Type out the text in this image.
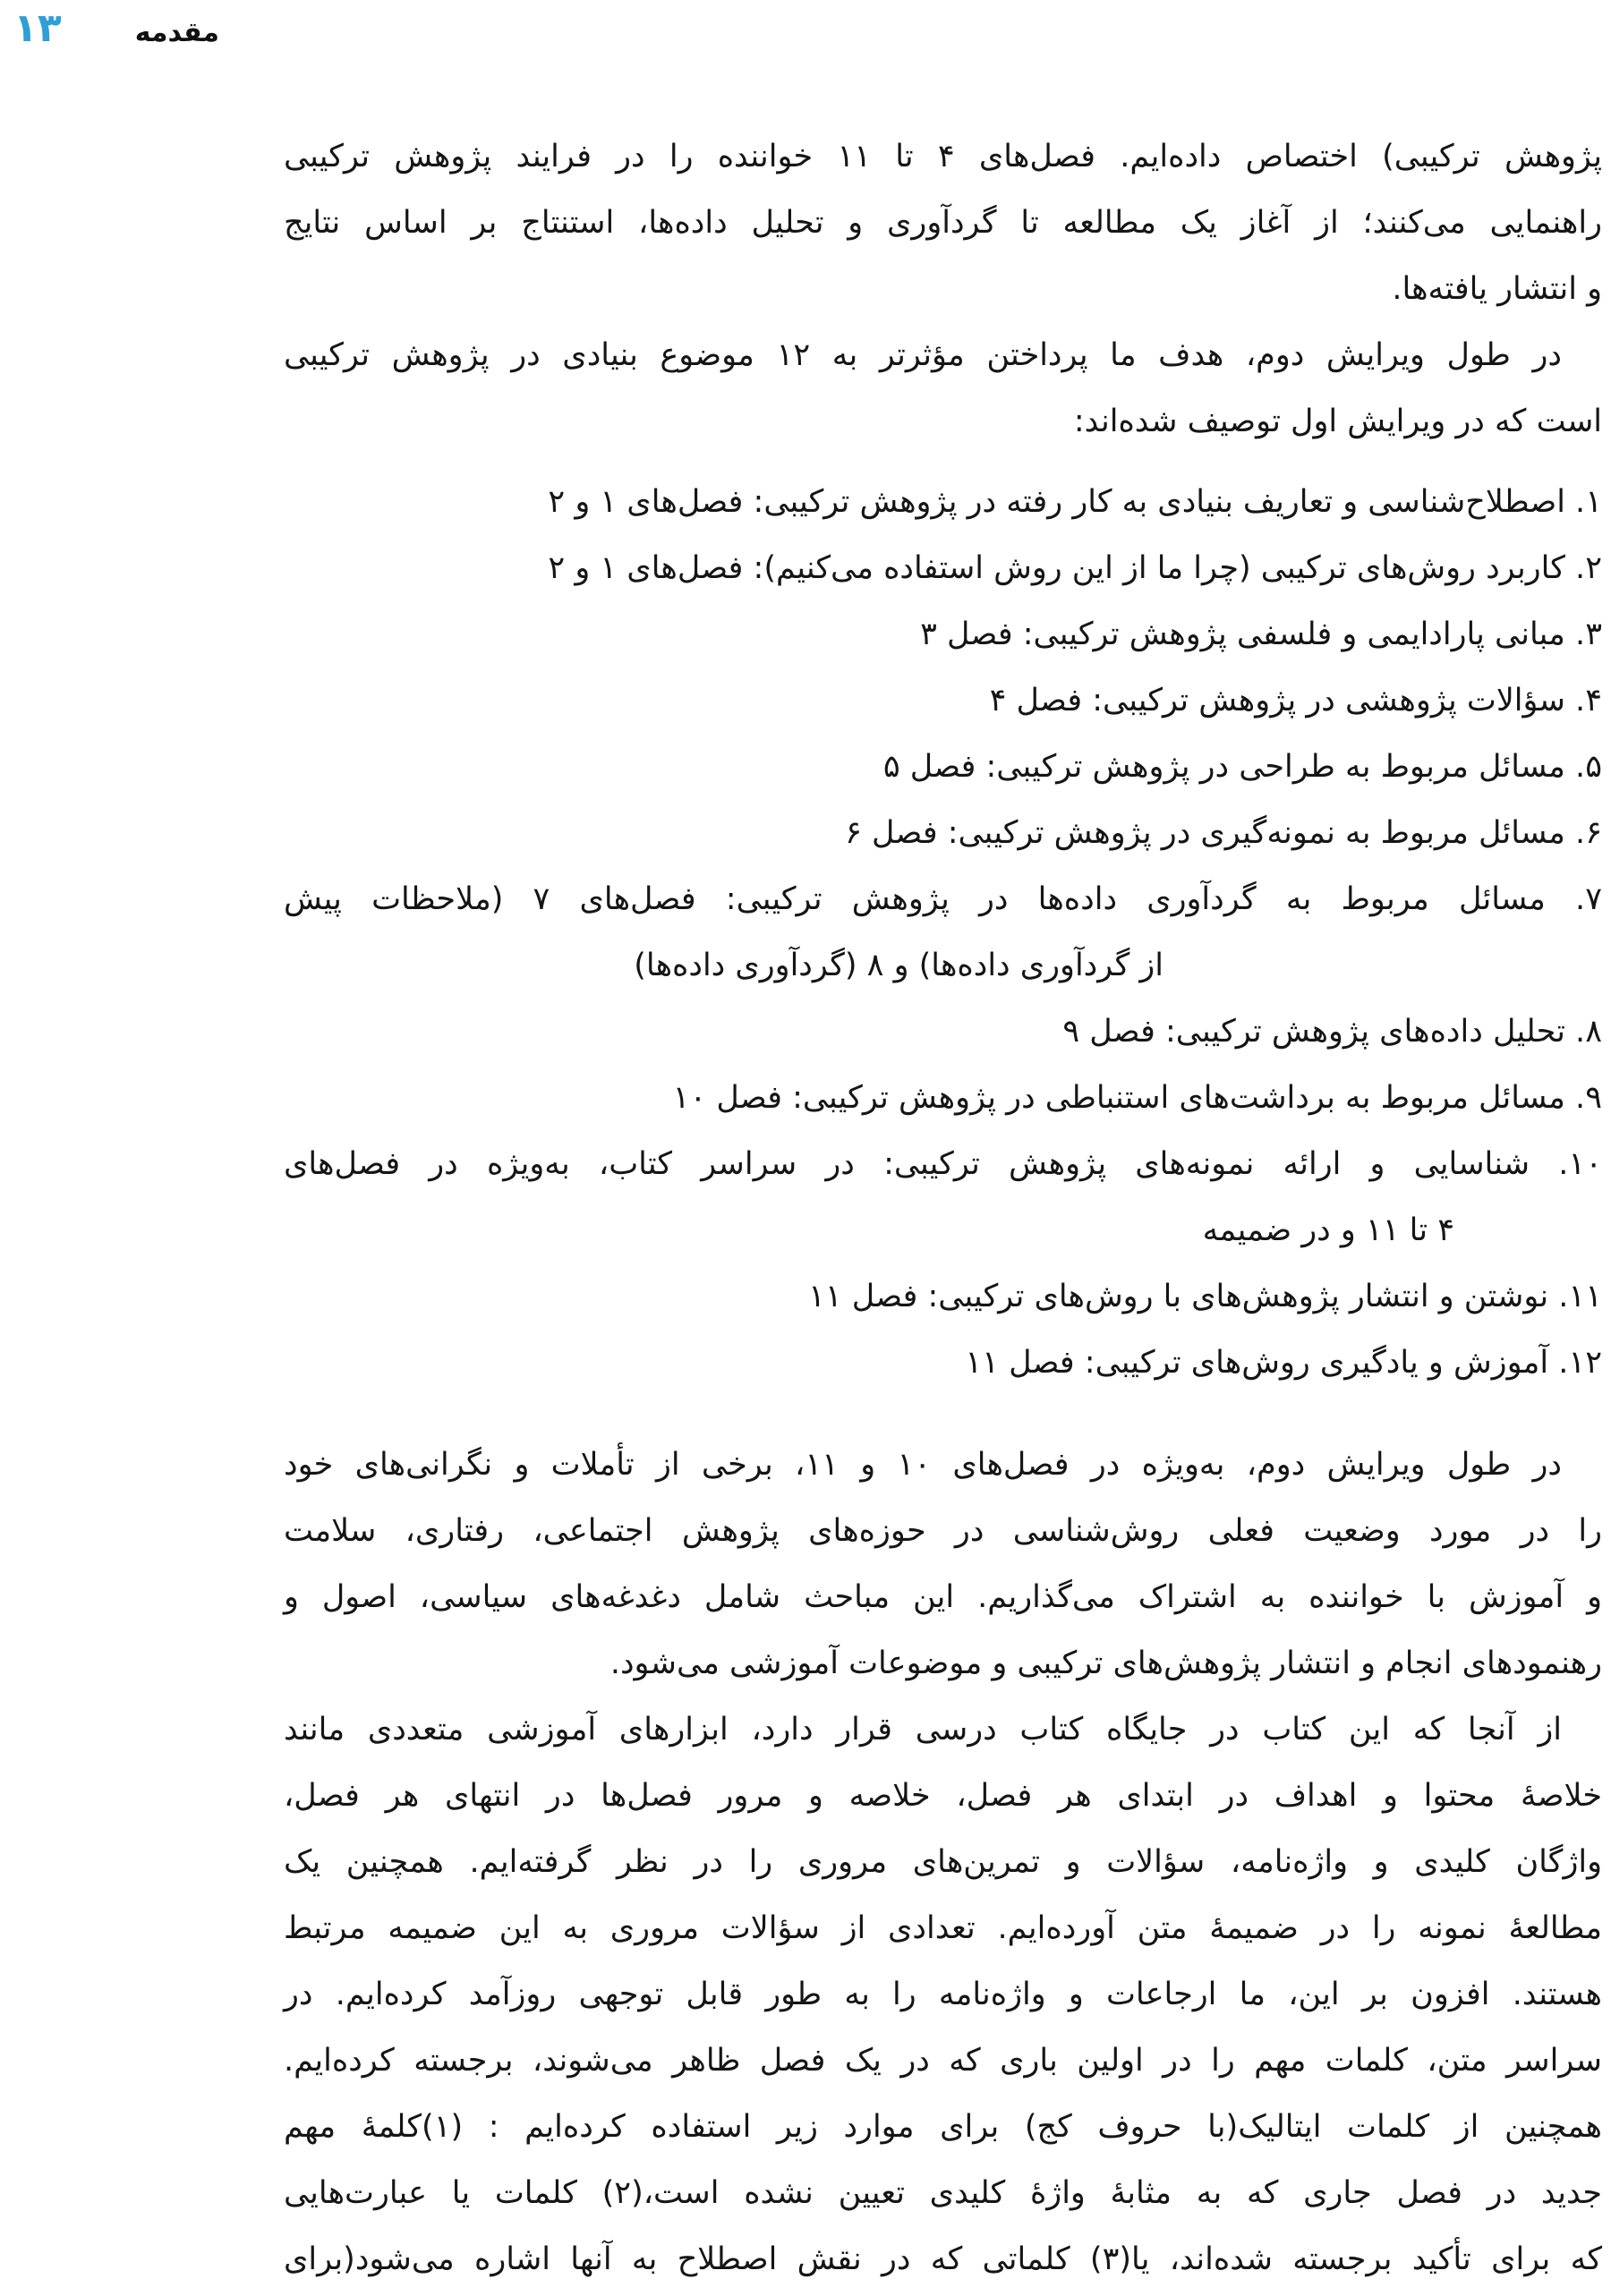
۱۳	مقدمه
پژوهش ترکیبی) اختصاص داده‌ایم. فصل‌های ۴ تا ۱۱ خواننده را در فرایند پژوهش ترکیبی
راهنمایی می‌کنند؛ از آغاز یک مطالعه تا گردآوری و تحلیل داده‌ها، استنتاج بر اساس نتایج
و انتشار یافته‌ها.
در طول ویرایش دوم، هدف ما پرداختن مؤثرتر به ۱۲ موضوع بنیادی در پژوهش ترکیبی
است که در ویرایش اول توصیف شده‌اند:
۱. اصطلاح‌شناسی و تعاریف بنیادی به کار رفته در پژوهش ترکیبی: فصل‌های ۱ و ۲
۲. کاربرد روش‌های ترکیبی (چرا ما از این روش استفاده می‌کنیم): فصل‌های ۱ و ۲
۳. مبانی پارادایمی و فلسفی پژوهش ترکیبی: فصل ۳
۴. سؤالات پژوهشی در پژوهش ترکیبی: فصل ۴
۵. مسائل مربوط به طراحی در پژوهش ترکیبی: فصل ۵
۶. مسائل مربوط به نمونه‌گیری در پژوهش ترکیبی: فصل ۶
۷. مسائل مربوط به گردآوری داده‌ها در پژوهش ترکیبی: فصل‌های ۷ (ملاحظات پیش
از گردآوری داده‌ها) و ۸ (گردآوری داده‌ها)
۸. تحلیل داده‌های پژوهش ترکیبی: فصل ۹
۹. مسائل مربوط به برداشت‌های استنباطی در پژوهش ترکیبی: فصل ۱۰
۱۰. شناسایی و ارائه نمونه‌های پژوهش ترکیبی: در سراسر کتاب، به‌ویژه در فصل‌های
۴ تا ۱۱ و در ضمیمه
۱۱. نوشتن و انتشار پژوهش‌های با روش‌های ترکیبی: فصل ۱۱
۱۲. آموزش و یادگیری روش‌های ترکیبی: فصل ۱۱
در طول ویرایش دوم، به‌ویژه در فصل‌های ۱۰ و ۱۱، برخی از تأملات و نگرانی‌های خود
را در مورد وضعیت فعلی روش‌شناسی در حوزه‌های پژوهش اجتماعی، رفتاری، سلامت
و آموزش با خواننده به اشتراک می‌گذاریم. این مباحث شامل دغدغه‌های سیاسی، اصول و
رهنمودهای انجام و انتشار پژوهش‌های ترکیبی و موضوعات آموزشی می‌شود.
از آنجا که این کتاب در جایگاه کتاب درسی قرار دارد، ابزارهای آموزشی متعددی مانند
خلاصهٔ محتوا و اهداف در ابتدای هر فصل، خلاصه و مرور فصل‌ها در انتهای هر فصل،
واژگان کلیدی و واژه‌نامه، سؤالات و تمرین‌های مروری را در نظر گرفته‌ایم. همچنین یک
مطالعهٔ نمونه را در ضمیمهٔ متن آورده‌ایم. تعدادی از سؤالات مروری به این ضمیمه مرتبط
هستند. افزون بر این، ما ارجاعات و واژه‌نامه را به طور قابل توجهی روزآمد کرده‌ایم. در
سراسر متن، کلمات مهم را در اولین باری که در یک فصل ظاهر می‌شوند، برجسته کرده‌ایم.
همچنین از کلمات ایتالیک(با حروف کج) برای موارد زیر استفاده کرده‌ایم : (۱)کلمهٔ مهم
جدید در فصل جاری که به مثابهٔ واژهٔ کلیدی تعیین نشده است،(۲) کلمات یا عبارت‌هایی
که برای تأکید برجسته شده‌اند، یا(۳) کلماتی که در نقش اصطلاح به آنها اشاره می‌شود(برای
